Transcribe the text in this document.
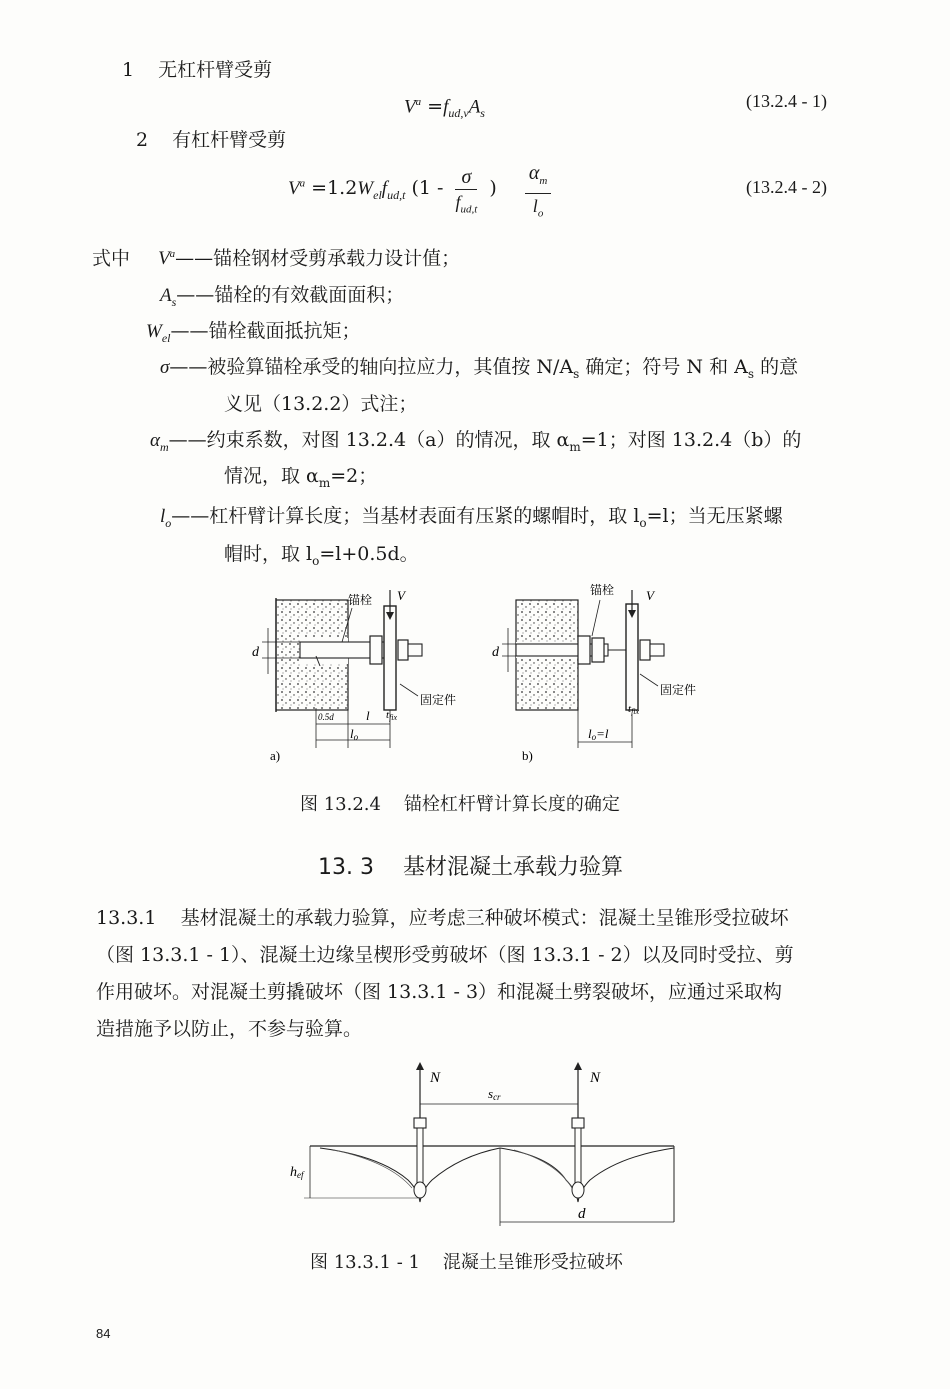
1 无杠杆臂受剪
$V^a =f_{ud,v}A_s$
(13.2.4 - 1)
2 有杠杆臂受剪
$V^a =1.2W_{el}f_{ud,t}$ ($1 - \frac{\sigma}{f_{ud,t}}$ ) $\frac{\alpha_m}{l_o}$	(13.2.4 - 2)
式中 $V^a——$锚栓钢材受剪承载力设计值；
$A_s——$锚栓的有效截面面积；
$W_{el}——$锚栓截面抵抗矩；
σ——被验算锚栓承受的轴向拉应力，其值按 $N/A_s$ 确定；符号 N 和 $A_s$ 的意
义见（13.2.2）式注；
$\alpha_m——$约束系数，对图 13.2.4（a）的情况，取 $\alpha_m=1$；对图 13.2.4（b）的
情况，取 $\alpha_m=2$；
$l_o——$杠杆臂计算长度；当基材表面有压紧的螺帽时，取 $l_o=l$；当无压紧螺
帽时，取 $l_o=l+0.5d$。
V
锚栓
d
固定件
tfix
0.5d l
lo
a)
V
锚栓
d
固定件
tfix
lo=l
b)
图 13.2.4    锚栓杠杆臂计算长度的确定
13. 3 基材混凝土承载力验算
13.3.1    基材混凝土的承载力验算，应考虑三种破坏模式：混凝土呈锥形受拉破坏
（图 13.3.1 - 1）、混凝土边缘呈楔形受剪破坏（图 13.3.1 - 2）以及同时受拉、剪
作用破坏。对混凝土剪撬破坏（图 13.3.1 - 3）和混凝土劈裂破坏，应通过采取构
造措施予以防止，不参与验算。
N	N
scr
hef
d
图 13.3.1 - 1    混凝土呈锥形受拉破坏
84
